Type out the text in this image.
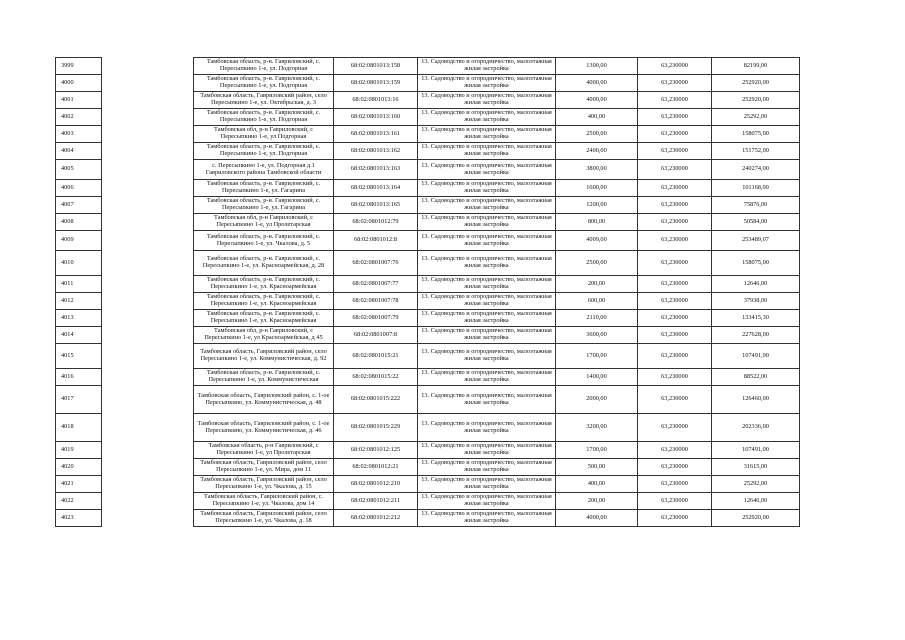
3999		Тамбовская область, р-н. Гавриловский, с. Пересыпкино 1-е, ул. Подгорная	68:02:0801013:158	13. Садоводство и огородничество, малоэтажная жилая застройка	1300,00	63,230000	82199,00
4000		Тамбовская область, р-н. Гавриловский, с. Пересыпкино 1-е, ул. Подгорная	68:02:0801013:159	13. Садоводство и огородничество, малоэтажная жилая застройка	4000,00	63,230000	252920,00
4001		Тамбовская область, Гавриловский район, село Пересыпкино 1-е, ул. Октябрьская, д. 3	68:02:0801013:16	13. Садоводство и огородничество, малоэтажная жилая застройка	4000,00	63,230000	252920,00
4002		Тамбовская область, р-н. Гавриловский, с. Пересыпкино 1-е, ул. Подгорная	68:02:0801013:160	13. Садоводство и огородничество, малоэтажная жилая застройка	400,00	63,230000	25292,00
4003		Тамбовская обл, р-н Гавриловский, с Пересыпкино 1-е, ул Подгорная	68:02:0801013:161	13. Садоводство и огородничество, малоэтажная жилая застройка	2500,00	63,230000	158075,00
4004		Тамбовская область, р-н. Гавриловский, с. Пересыпкино 1-е, ул. Подгорная	68:02:0801013:162	13. Садоводство и огородничество, малоэтажная жилая застройка	2400,00	63,230000	151752,00
4005		с. Пересыпкино 1-е, ул. Подгорная д.1 Гавриловского района Тамбовской области	68:02:0801013:163	13. Садоводство и огородничество, малоэтажная жилая застройка	3800,00	63,230000	240274,00
4006		Тамбовская область, р-н. Гавриловский, с. Пересыпкино 1-е, ул. Гагарина	68:02:0801013:164	13. Садоводство и огородничество, малоэтажная жилая застройка	1600,00	63,230000	101168,00
4007		Тамбовская область, р-н. Гавриловский, с. Пересыпкино 1-е, ул. Гагарина	68:02:0801013:165	13. Садоводство и огородничество, малоэтажная жилая застройка	1200,00	63,230000	75876,00
4008		Тамбовская обл, р-н Гавриловский, с Пересыпкино 1-е, ул Пролетарская	68:02:0801012:79	13. Садоводство и огородничество, малоэтажная жилая застройка	800,00	63,230000	50584,00
4009		Тамбовская область, р-н. Гавриловский, с. Пересыпкино 1-е, ул. Чкалова, д. 5	68:02:0801012:8	13. Садоводство и огородничество, малоэтажная жилая застройка	4009,00	63,230000	253489,07
4010		Тамбовская область, р-н. Гавриловский, с. Пересыпкино 1-е, ул. Красноармейская, д. 28	68:02:0801007:76	13. Садоводство и огородничество, малоэтажная жилая застройка	2500,00	63,230000	158075,00
4011		Тамбовская область, р-н. Гавриловский, с. Пересыпкино 1-е, ул. Красноармейская	68:02:0801007:77	13. Садоводство и огородничество, малоэтажная жилая застройка	200,00	63,230000	12646,00
4012		Тамбовская область, р-н. Гавриловский, с. Пересыпкино 1-е, ул. Красноармейская	68:02:0801007:78	13. Садоводство и огородничество, малоэтажная жилая застройка	600,00	63,230000	37938,00
4013		Тамбовская область, р-н. Гавриловский, с. Пересыпкино 1-е, ул. Красноармейская	68:02:0801007:79	13. Садоводство и огородничество, малоэтажная жилая застройка	2110,00	63,230000	133415,30
4014		Тамбовская обл, р-н Гавриловский, с Пересыпкино 1-е, ул Красноармейская, д 45	68:02:0801007:8	13. Садоводство и огородничество, малоэтажная жилая застройка	3600,00	63,230000	227628,00
4015		Тамбовская область, Гавриловский район, село Пересыпкино 1-е, ул. Коммунистическая, д. 92	68:02:0801015:21	13. Садоводство и огородничество, малоэтажная жилая застройка	1700,00	63,230000	107491,00
4016		Тамбовская область, р-н. Гавриловский, с. Пересыпкино 1-е, ул. Коммунистическая	68:02:0801015:22	13. Садоводство и огородничество, малоэтажная жилая застройка	1400,00	63,230000	88522,00
4017		Тамбовская область, Гавриловский район, с. 1-ое Пересыпкино, ул. Коммунистическая, д. 48	68:02:0801015:222	13. Садоводство и огородничество, малоэтажная жилая застройка	2000,00	63,230000	126460,00
4018		Тамбовская область, Гавриловский район, с. 1-ое Пересыпкино, ул. Коммунистическая, д. 46	68:02:0801015:229	13. Садоводство и огородничество, малоэтажная жилая застройка	3200,00	63,230000	202336,00
4019		Тамбовская область, р-н Гавриловский, с Пересыпкино 1-е, ул Пролетарская	68:02:0801012:125	13. Садоводство и огородничество, малоэтажная жилая застройка	1700,00	63,230000	107491,00
4020		Тамбовская область, Гавриловский район, село Пересыпкино 1-е, ул. Мира, дом 11	68:02:0801012:21	13. Садоводство и огородничество, малоэтажная жилая застройка	500,00	63,230000	31615,00
4021		Тамбовская область, Гавриловский район, село Пересыпкино 1-е, ул. Чкалова, д. 15	68:02:0801012:210	13. Садоводство и огородничество, малоэтажная жилая застройка	400,00	63,230000	25292,00
4022		Тамбовская область, Гавриловский район, с. Пересыпкино 1-е, ул. Чкалова, дом 14	68:02:0801012:211	13. Садоводство и огородничество, малоэтажная жилая застройка	200,00	63,230000	12646,00
4023		Тамбовская область, Гавриловский район, село Пересыпкино 1-е, ул. Чкалова, д. 18	68:02:0801012:212	13. Садоводство и огородничество, малоэтажная жилая застройка	4000,00	63,230000	252920,00
